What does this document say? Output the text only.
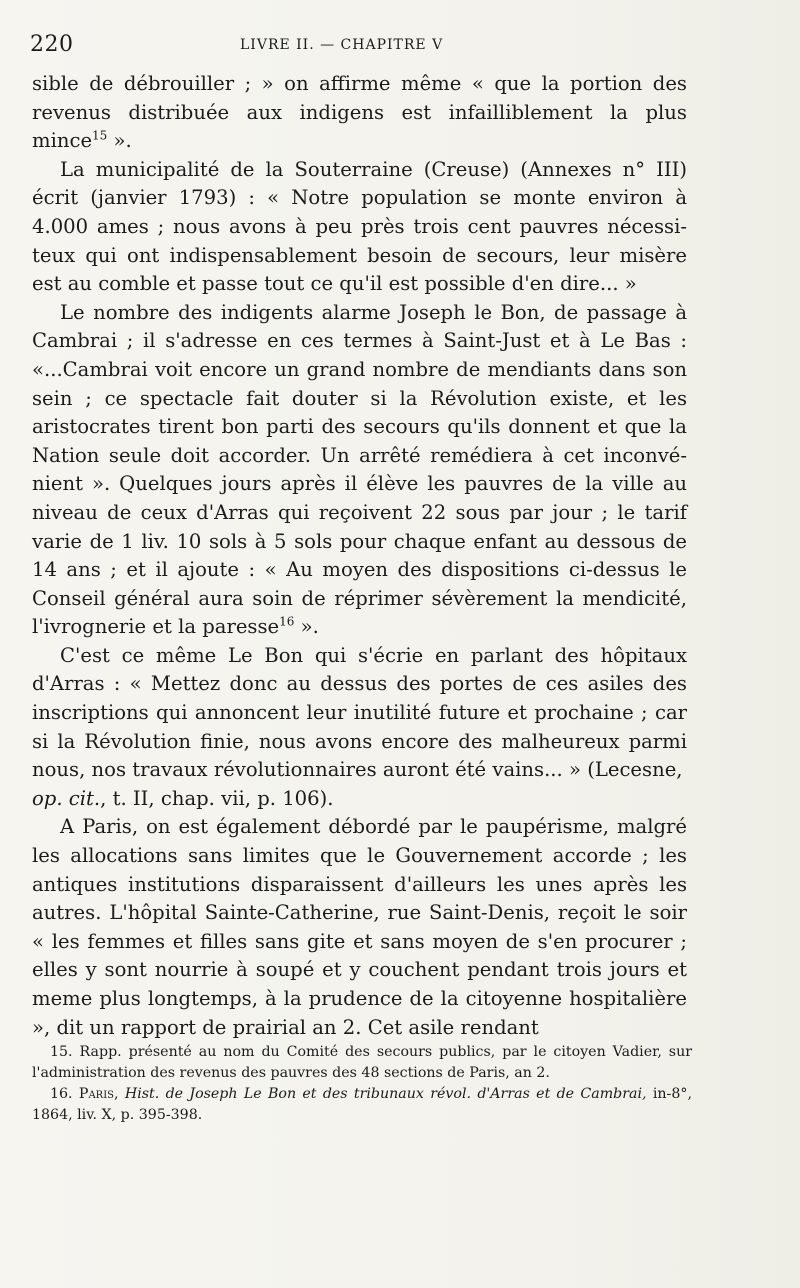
220	LIVRE II. — CHAPITRE V

sible de débrouiller ; » on affirme même « que la portion des revenus distribuée aux indigens est infailliblement la plus mince$^{15}$ ».

La municipalité de la Souterraine (Creuse) (Annexes n° III) écrit (janvier 1793) : « Notre population se monte environ à 4.000 ames ; nous avons à peu près trois cent pauvres nécessiteux qui ont indispensablement besoin de secours, leur misère est au comble et passe tout ce qu'il est possible d'en dire... »

Le nombre des indigents alarme Joseph le Bon, de passage à Cambrai ; il s'adresse en ces termes à Saint-Just et à Le Bas : «...Cambrai voit encore un grand nombre de mendiants dans son sein ; ce spectacle fait douter si la Révolution existe, et les aristocrates tirent bon parti des secours qu'ils donnent et que la Nation seule doit accorder. Un arrêté remédiera à cet inconvénient ». Quelques jours après il élève les pauvres de la ville au niveau de ceux d'Arras qui reçoivent 22 sous par jour ; le tarif varie de 1 liv. 10 sols à 5 sols pour chaque enfant au dessous de 14 ans ; et il ajoute : « Au moyen des dispositions ci-dessus le Conseil général aura soin de réprimer sévèrement la mendicité, l'ivrognerie et la paresse$^{16}$ ».

C'est ce même Le Bon qui s'écrie en parlant des hôpitaux d'Arras : « Mettez donc au dessus des portes de ces asiles des inscriptions qui annoncent leur inutilité future et prochaine ; car si la Révolution finie, nous avons encore des malheureux parmi nous, nos travaux révolutionnaires auront été vains... » (Lecesne,
op. cit., t. II, chap. vii, p. 106).

A Paris, on est également débordé par le paupérisme, malgré les allocations sans limites que le Gouvernement accorde ; les antiques institutions disparaissent d'ailleurs les unes après les autres. L'hôpital Sainte-Catherine, rue Saint-Denis, reçoit le soir « les femmes et filles sans gite et sans moyen de s'en procurer ; elles y sont nourrie à soupé et y couchent pendant trois jours et meme plus longtemps, à la prudence de la citoyenne hospitalière », dit un rapport de prairial an 2. Cet asile rendant

15. Rapp. présenté au nom du Comité des secours publics, par le citoyen Vadier, sur l'administration des revenus des pauvres des 48 sections de Paris, an 2.

16. Paris, Hist. de Joseph Le Bon et des tribunaux révol. d'Arras et de Cambrai, in-8°, 1864, liv. X, p. 395-398.
